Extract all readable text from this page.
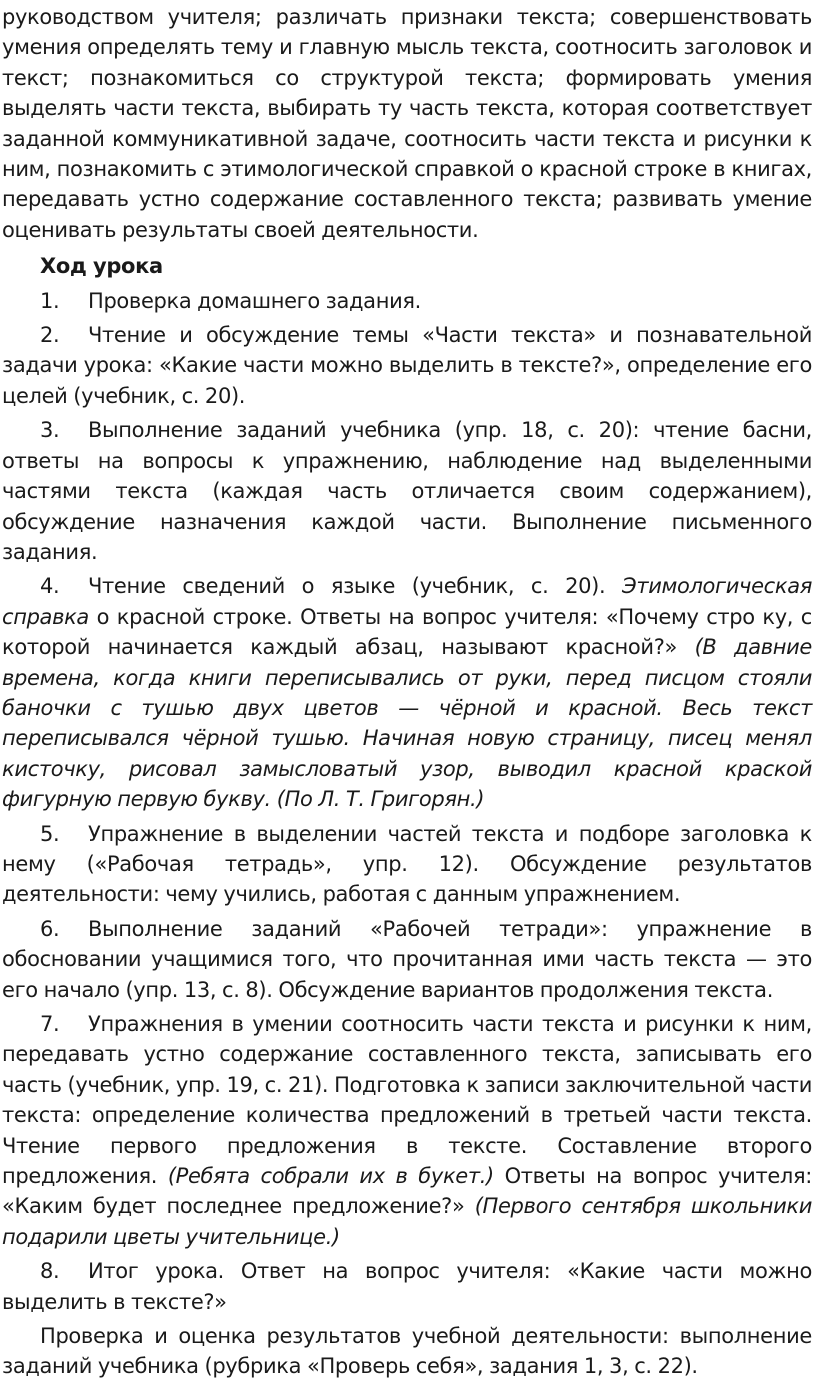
руководством учителя; различать признаки текста; совершенствовать умения определять тему и главную мысль текста, соотносить заголовок и текст; познакомиться со структурой текста; формировать умения выделять части текста, выбирать ту часть текста, которая соответствует заданной коммуникативной задаче, соотносить части текста и рисунки к ним, познакомить с этимологической справкой о красной строке в книгах, передавать устно содержание составленного текста; развивать умение оценивать результаты своей деятельности.

Ход урока

1. Проверка домашнего задания.

2. Чтение и обсуждение темы «Части текста» и познавательной задачи урока: «Какие части можно выделить в тексте?», определение его целей (учебник, с. 20).

3. Выполнение заданий учебника (упр. 18, с. 20): чтение басни, ответы на вопросы к упражнению, наблюдение над выделенными частями текста (каждая часть отличается своим содержанием), обсуждение назначения каждой части. Выполнение письменного задания.

4. Чтение сведений о языке (учебник, с. 20). Этимологическая справка о красной строке. Ответы на вопрос учителя: «Почему стро ку, с которой начинается каждый абзац, называют красной?» (В давние времена, когда книги переписывались от руки, перед писцом стояли баночки с тушью двух цветов — чёрной и красной. Весь текст переписывался чёрной тушью. Начиная новую страницу, писец менял кисточку, рисовал замысловатый узор, выводил красной краской фигурную первую букву. (По Л. Т. Григорян.)

5. Упражнение в выделении частей текста и подборе заголовка к нему («Рабочая тетрадь», упр. 12). Обсуждение результатов деятельности: чему учились, работая с данным упражнением.

6. Выполнение заданий «Рабочей тетради»: упражнение в обосновании учащимися того, что прочитанная ими часть текста — это его начало (упр. 13, с. 8). Обсуждение вариантов продолжения текста.

7. Упражнения в умении соотносить части текста и рисунки к ним, передавать устно содержание составленного текста, записывать его часть (учебник, упр. 19, с. 21). Подготовка к записи заключительной части текста: определение количества предложений в третьей части текста. Чтение первого предложения в тексте. Составление второго предложения. (Ребята собрали их в букет.) Ответы на вопрос учителя: «Каким будет последнее предложение?» (Первого сентября школьники подарили цветы учительнице.)

8. Итог урока. Ответ на вопрос учителя: «Какие части можно выделить в тексте?»

Проверка и оценка результатов учебной деятельности: выполнение заданий учебника (рубрика «Проверь себя», задания 1, 3, с. 22).
